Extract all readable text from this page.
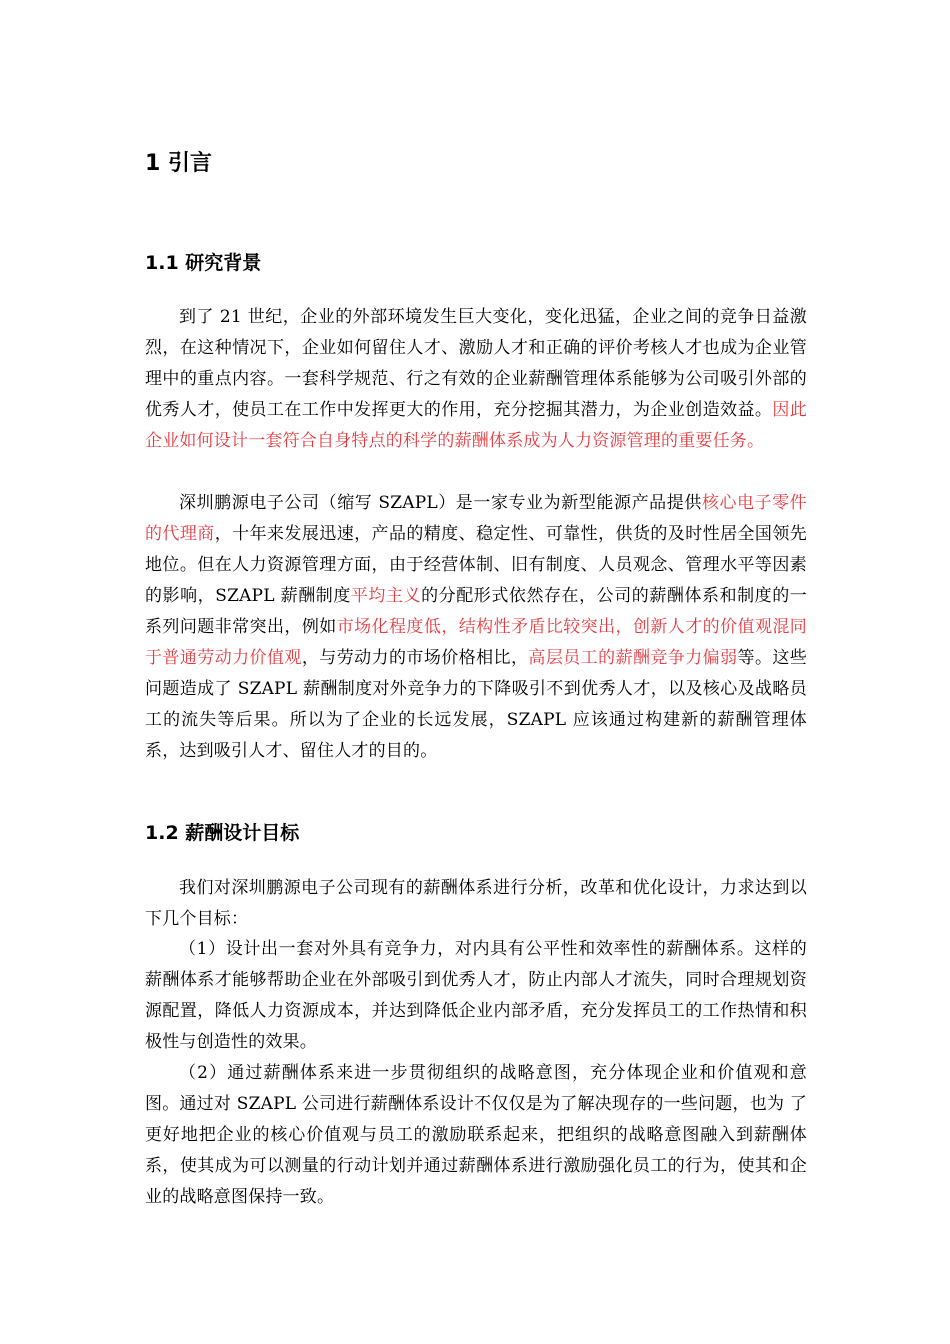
1 引言
1.1 研究背景

到了 21 世纪，企业的外部环境发生巨大变化，变化迅猛，企业之间的竞争日益激烈，在这种情况下，企业如何留住人才、激励人才和正确的评价考核人才也成为企业管理中的重点内容。一套科学规范、行之有效的企业薪酬管理体系能够为公司吸引外部的优秀人才，使员工在工作中发挥更大的作用，充分挖掘其潜力，为企业创造效益。因此企业如何设计一套符合自身特点的科学的薪酬体系成为人力资源管理的重要任务。

深圳鹏源电子公司（缩写 SZAPL）是一家专业为新型能源产品提供核心电子零件的代理商，十年来发展迅速，产品的精度、稳定性、可靠性，供货的及时性居全国领先地位。但在人力资源管理方面，由于经营体制、旧有制度、人员观念、管理水平等因素的影响，SZAPL 薪酬制度平均主义的分配形式依然存在，公司的薪酬体系和制度的一系列问题非常突出，例如市场化程度低，结构性矛盾比较突出，创新人才的价值观混同于普通劳动力价值观，与劳动力的市场价格相比，高层员工的薪酬竞争力偏弱等。这些问题造成了 SZAPL 薪酬制度对外竞争力的下降吸引不到优秀人才，以及核心及战略员工的流失等后果。所以为了企业的长远发展，SZAPL 应该通过构建新的薪酬管理体系，达到吸引人才、留住人才的目的。

1.2 薪酬设计目标

我们对深圳鹏源电子公司现有的薪酬体系进行分析，改革和优化设计，力求达到以下几个目标：

（1）设计出一套对外具有竞争力，对内具有公平性和效率性的薪酬体系。这样的薪酬体系才能够帮助企业在外部吸引到优秀人才，防止内部人才流失，同时合理规划资源配置，降低人力资源成本，并达到降低企业内部矛盾，充分发挥员工的工作热情和积极性与创造性的效果。

（2）通过薪酬体系来进一步贯彻组织的战略意图，充分体现企业和价值观和意图。通过对 SZAPL 公司进行薪酬体系设计不仅仅是为了解决现存的一些问题，也为 了更好地把企业的核心价值观与员工的激励联系起来，把组织的战略意图融入到薪酬体系，使其成为可以测量的行动计划并通过薪酬体系进行激励强化员工的行为，使其和企业的战略意图保持一致。
